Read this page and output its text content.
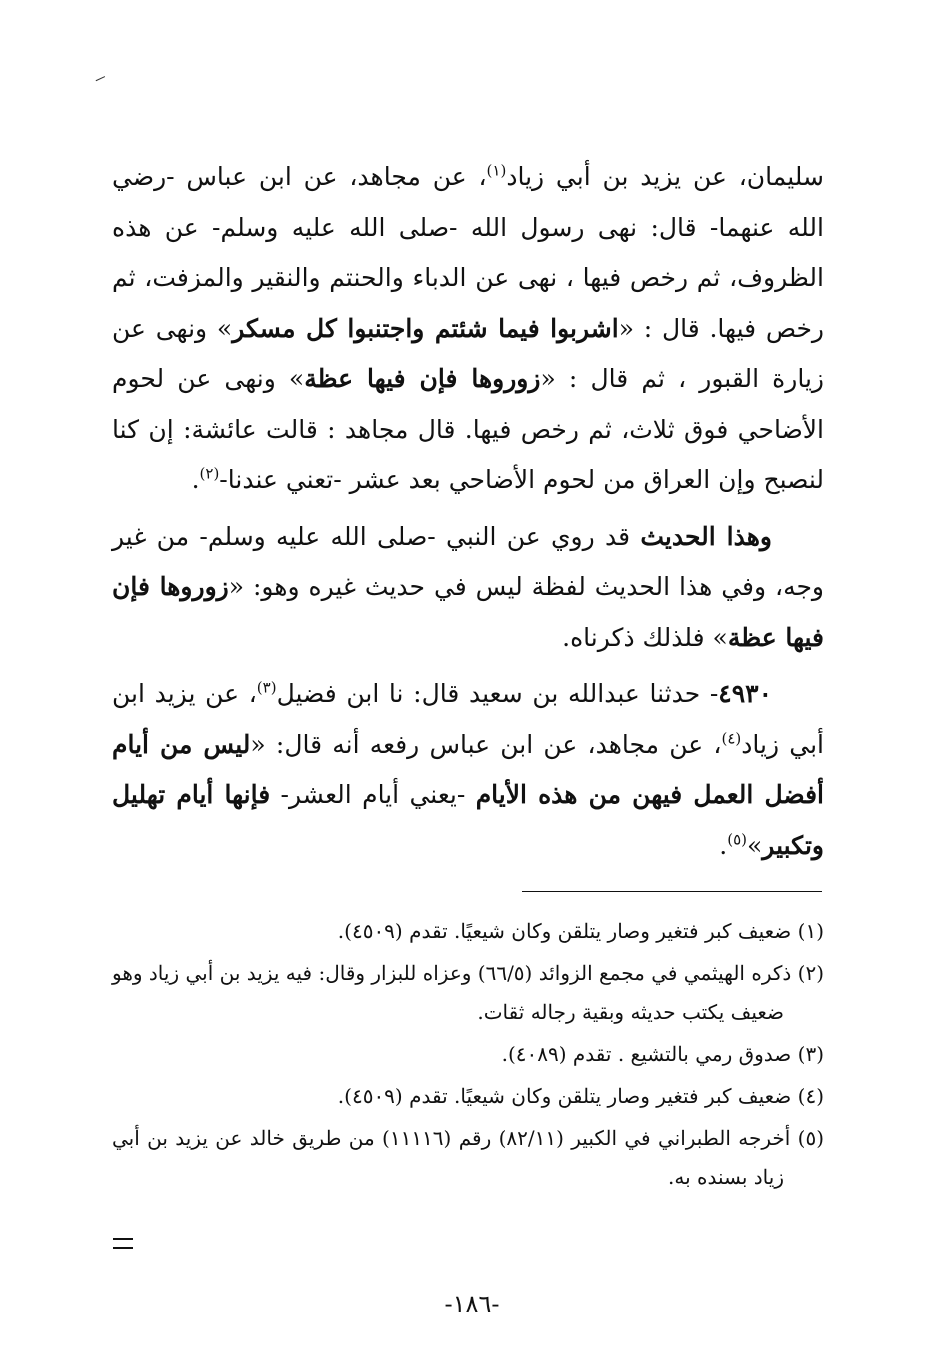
سليمان، عن يزيد بن أبي زياد$^{(١)}$، عن مجاهد، عن ابن عباس -رضي الله عنهما- قال: نهى رسول الله -صلى الله عليه وسلم- عن هذه الظروف، ثم رخص فيها ، نهى عن الدباء والحنتم والنقير والمزفت، ثم رخص فيها. قال : «اشربوا فيما شئتم واجتنبوا كل مسكر» ونهى عن زيارة القبور ، ثم قال : «زوروها فإن فيها عظة» ونهى عن لحوم الأضاحي فوق ثلاث، ثم رخص فيها. قال مجاهد : قالت عائشة: إن كنا لنصبح وإن العراق من لحوم الأضاحي بعد عشر -تعني عندنا-$^{(٢)}$.

وهذا الحديث قد روي عن النبي -صلى الله عليه وسلم- من غير وجه، وفي هذا الحديث لفظة ليس في حديث غيره وهو: «زوروها فإن فيها عظة» فلذلك ذكرناه.

٤٩٣٠- حدثنا عبدالله بن سعيد قال: نا ابن فضيل$^{(٣)}$، عن يزيد ابن أبي زياد$^{(٤)}$، عن مجاهد، عن ابن عباس رفعه أنه قال: «ليس من أيام أفضل العمل فيهن من هذه الأيام -يعني أيام العشر- فإنها أيام تهليل وتكبير»$^{(٥)}$.

(١) ضعيف كبر فتغير وصار يتلقن وكان شيعيًا. تقدم (٤٥٠٩).

(٢) ذكره الهيثمي في مجمع الزوائد (٦٦/٥) وعزاه للبزار وقال: فيه يزيد بن أبي زياد وهو ضعيف يكتب حديثه وبقية رجاله ثقات.

(٣) صدوق رمي بالتشيع . تقدم (٤٠٨٩).

(٤) ضعيف كبر فتغير وصار يتلقن وكان شيعيًا. تقدم (٤٥٠٩).

(٥) أخرجه الطبراني في الكبير (٨٢/١١) رقم (١١١١٦) من طريق خالد عن يزيد بن أبي زياد بسنده به.

-١٨٦-
